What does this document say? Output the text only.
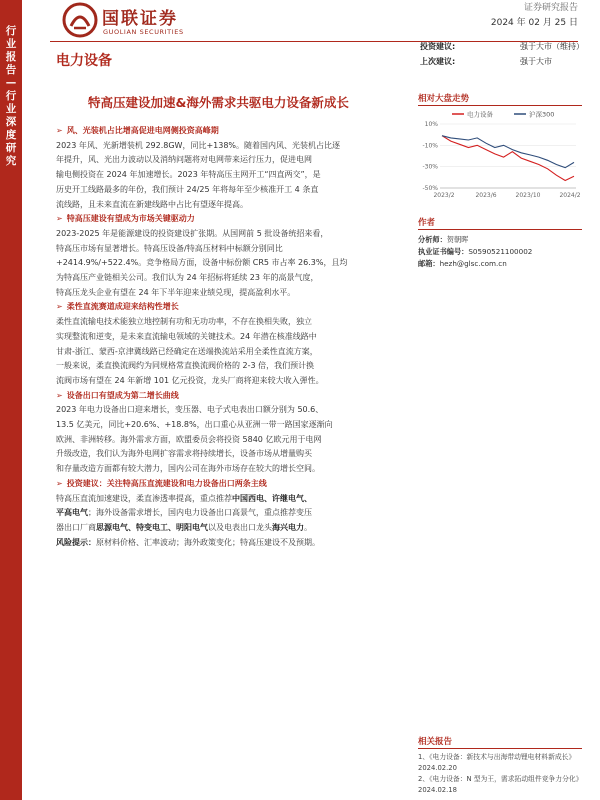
行业报告—行业深度研究
国联证券
GUOLIAN SECURITIES
证券研究报告
2024 年 02 月 25 日
电力设备
投资建议:	强于大市（维持）
上次建议:	强于大市
特高压建设加速&海外需求共驱电力设备新成长
➢ 风、光装机占比增高促进电网侧投资高峰期
2023 年风、光新增装机 292.8GW，同比+138%。随着国内风、光装机占比逐
年提升，风、光出力波动以及消纳问题将对电网带来运行压力，促进电网
输电侧投资在 2024 年加速增长。2023 年特高压主网开工“四直两交”，是
历史开工线路最多的年份，我们预计 24/25 年将每年至少核准开工 4 条直
流线路，且未来直流在新建线路中占比有望逐年提高。
➢ 特高压建设有望成为市场关键驱动力
2023-2025 年是能源建设的投资建设扩张期。从国网前 5 批设备统招来看，
特高压市场有显著增长。特高压设备/特高压材料中标额分别同比
+2414.9%/+522.4%。竞争格局方面，设备中标份额 CR5 市占率 26.3%，且均
为特高压产业链相关公司。我们认为 24 年招标将延续 23 年的高景气度，
特高压龙头企业有望在 24 年下半年迎来业绩兑现，提高盈利水平。
➢ 柔性直流赛道成迎来结构性增长
柔性直流输电技术能独立地控制有功和无功功率，不存在换相失败，独立
实现整流和逆变，是未来直流输电领域的关键技术。24 年潜在核准线路中
甘肃-浙江、蒙西-京津冀线路已经确定在送端换流站采用全柔性直流方案，
一般来说，柔直换流阀约为同规格常直换流阀价格的 2-3 倍，我们预计换
流阀市场有望在 24 年新增 101 亿元投资，龙头厂商将迎来较大收入弹性。
➢ 设备出口有望成为第二增长曲线
2023 年电力设备出口迎来增长，变压器、电子式电表出口额分别为 50.6、
13.5 亿美元，同比+20.6%、+18.8%，出口重心从亚洲一带一路国家逐渐向
欧洲、非洲转移。海外需求方面，欧盟委员会将投资 5840 亿欧元用于电网
升级改造，我们认为海外电网扩容需求将持续增长，设备市场从增量购买
和存量改造方面都有较大潜力，国内公司在海外市场存在较大的增长空间。
➢ 投资建议：关注特高压直流建设和电力设备出口两条主线
特高压直流加速建设，柔直渗透率提高，重点推荐中国西电、许继电气、
平高电气；海外设备需求增长，国内电力设备出口高景气，重点推荐变压
器出口厂商思源电气、特变电工、明阳电气以及电表出口龙头海兴电力。
风险提示：原材料价格、汇率波动；海外政策变化；特高压建设不及预期。
相对大盘走势
电力设备	沪深300
10%
-10%
-30%
-50%
2023/2	2023/6	2023/10	2024/2
作者
分析师：贺朝晖
执业证书编号：S0590521100002
邮箱：hezh@glsc.com.cn
相关报告
1、《电力设备：新技术与出海带动锂电材料新成长》2024.02.20
2、《电力设备：N 型为王，需求拓动组件竞争力分化》2024.02.18
